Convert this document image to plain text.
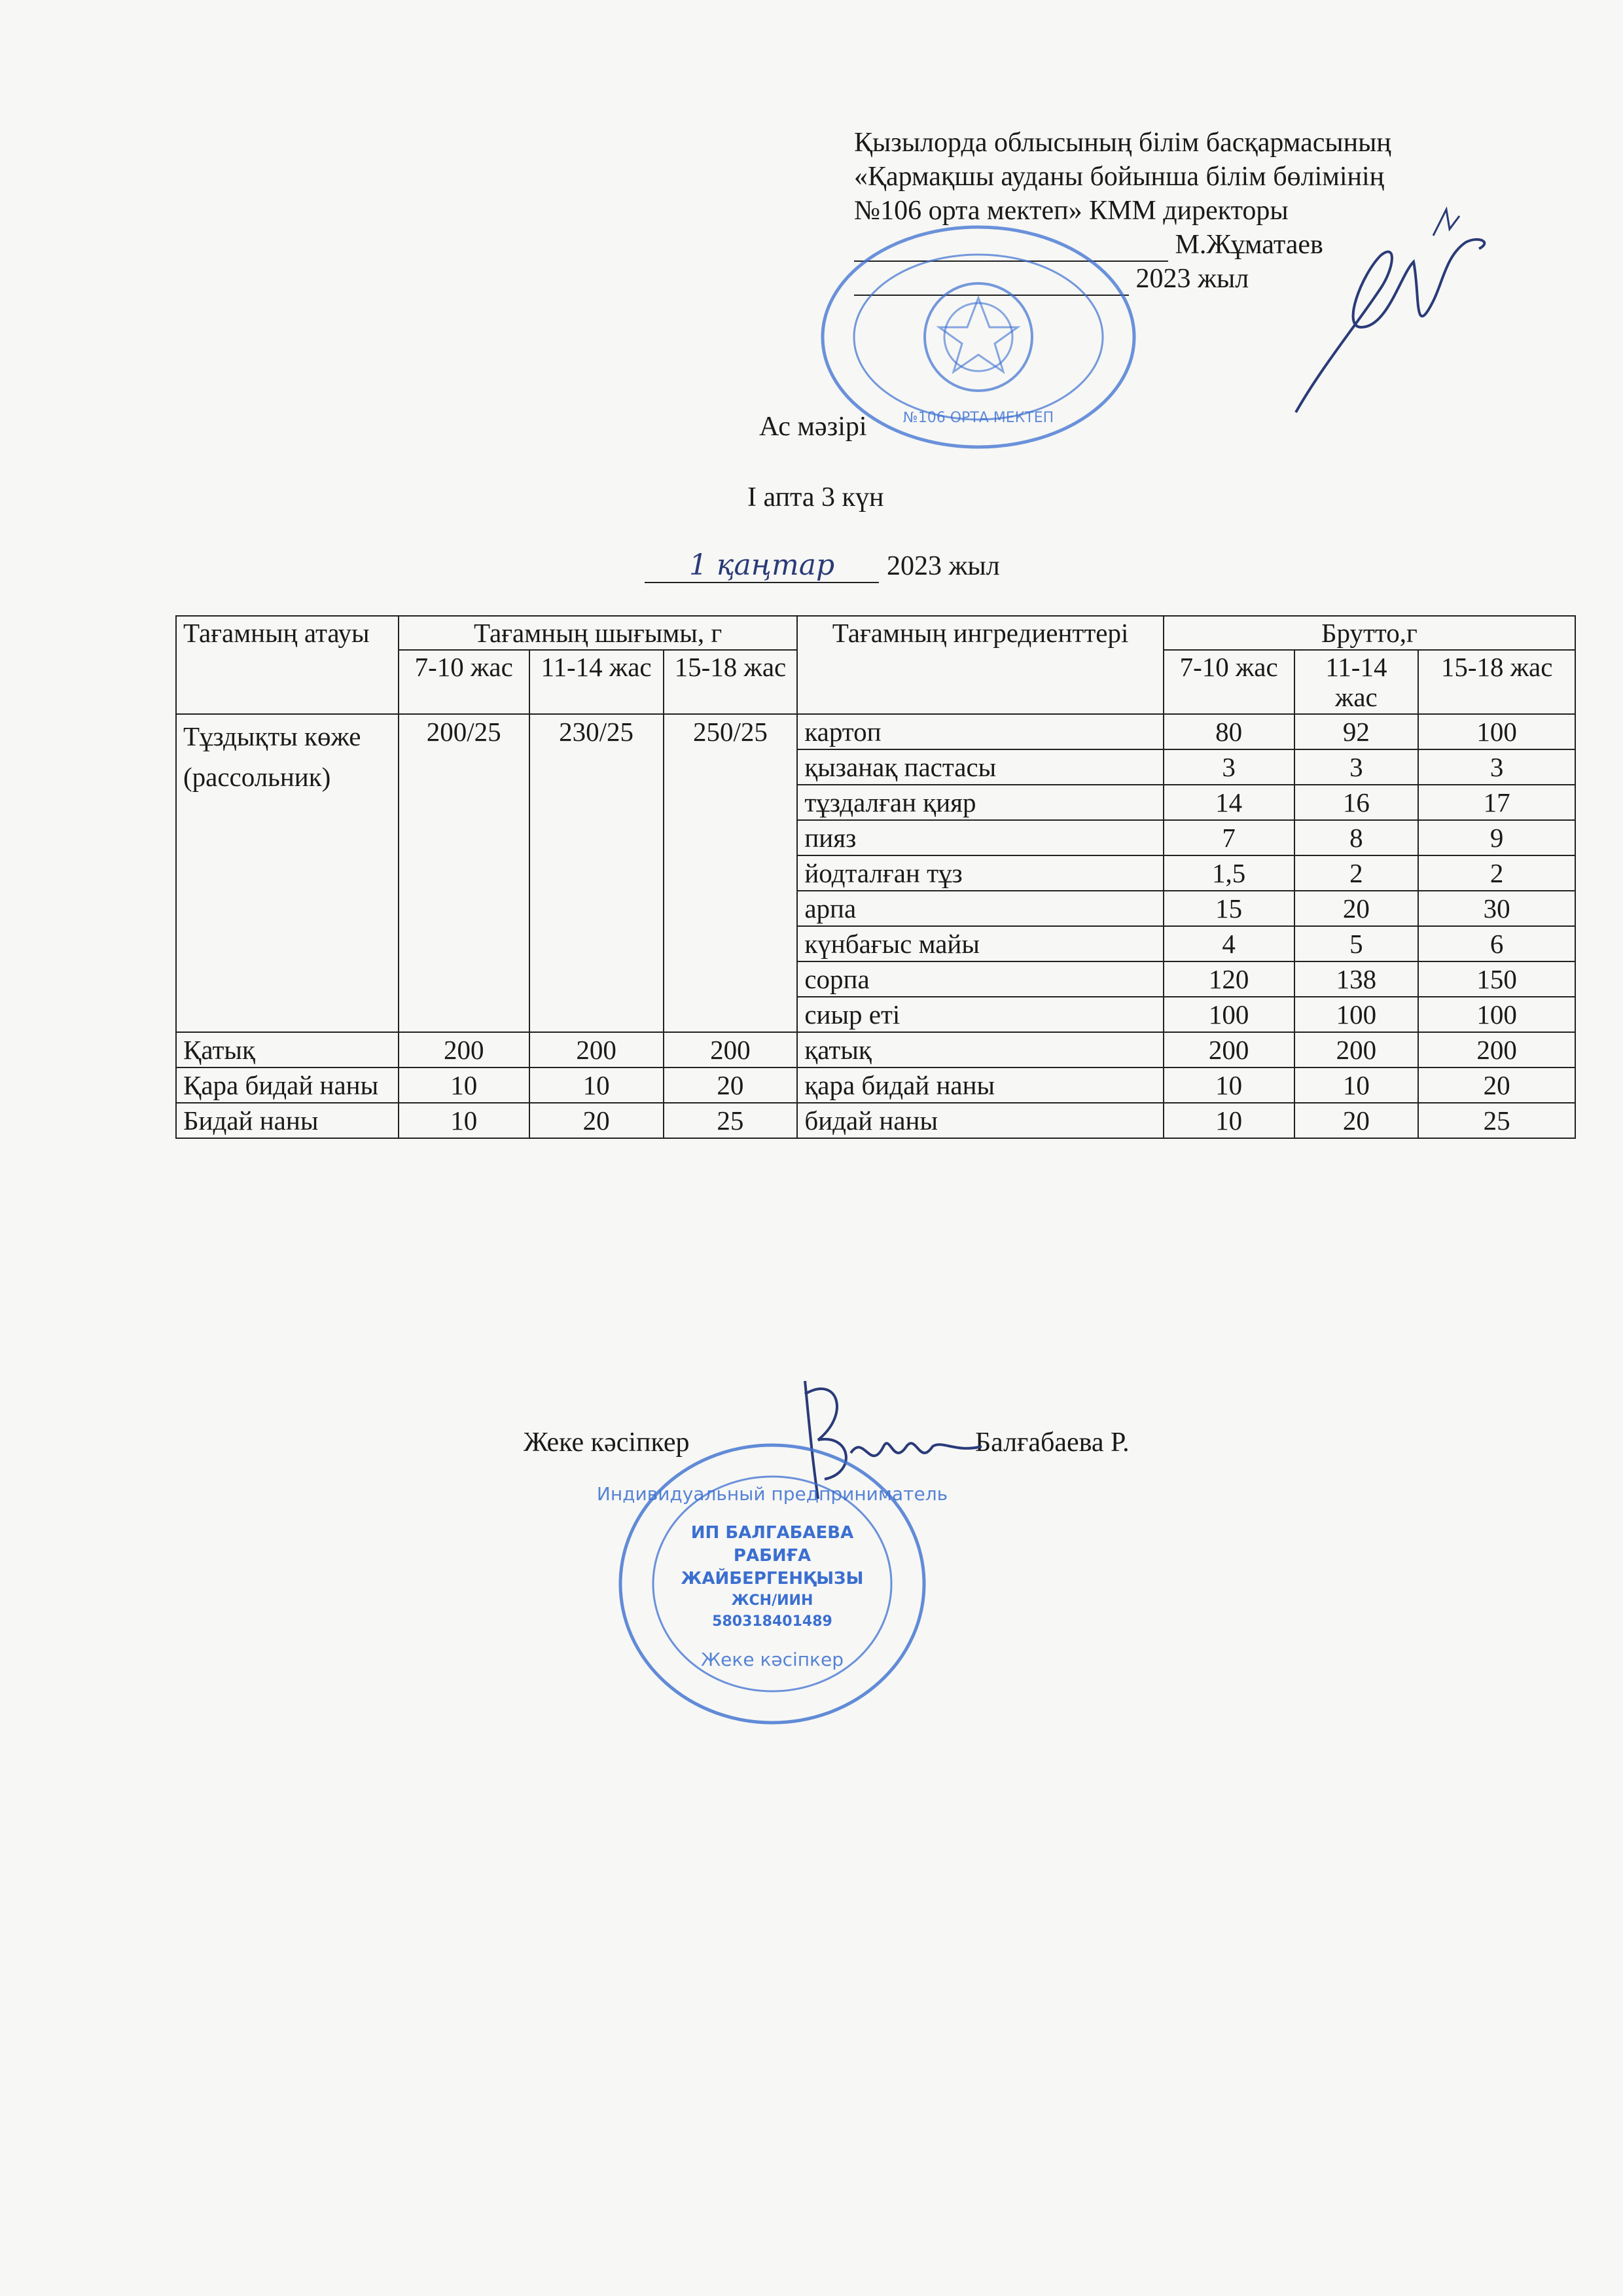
Қызылорда облысының білім басқармасының
«Қармақшы ауданы бойынша білім бөлімінің
№106 орта мектеп» КММ директоры
М.Жұматаев
2023 жыл
№106 ОРТА МЕКТЕП
Ас мәзірі
I апта 3 күн
1 қаңтар 2023 жыл
Тағамның атауы	Тағамның шығымы, г			Тағамның ингредиенттері	Брутто,г		
	7-10 жас	11-14 жас	15-18 жас		7-10 жас	11-14 жас	15-18 жас
Тұздықты көже (рассольник)	200/25	230/25	250/25	картоп	80	92	100
				қызанақ пастасы	3	3	3
				тұздалған қияр	14	16	17
				пияз	7	8	9
				йодталған тұз	1,5	2	2
				арпа	15	20	30
				күнбағыс майы	4	5	6
				сорпа	120	138	150
				сиыр еті	100	100	100
Қатық	200	200	200	қатық	200	200	200
Қара бидай наны	10	10	20	қара бидай наны	10	10	20
Бидай наны	10	20	25	бидай наны	10	20	25
Жеке кәсіпкер	Балғабаева Р.
ИП БАЛГАБАЕВА
РАБИҒА
ЖАЙБЕРГЕНҚЫЗЫ
ЖСН/ИИН
580318401489
Индивидуальный предприниматель
Жеке кәсіпкер
